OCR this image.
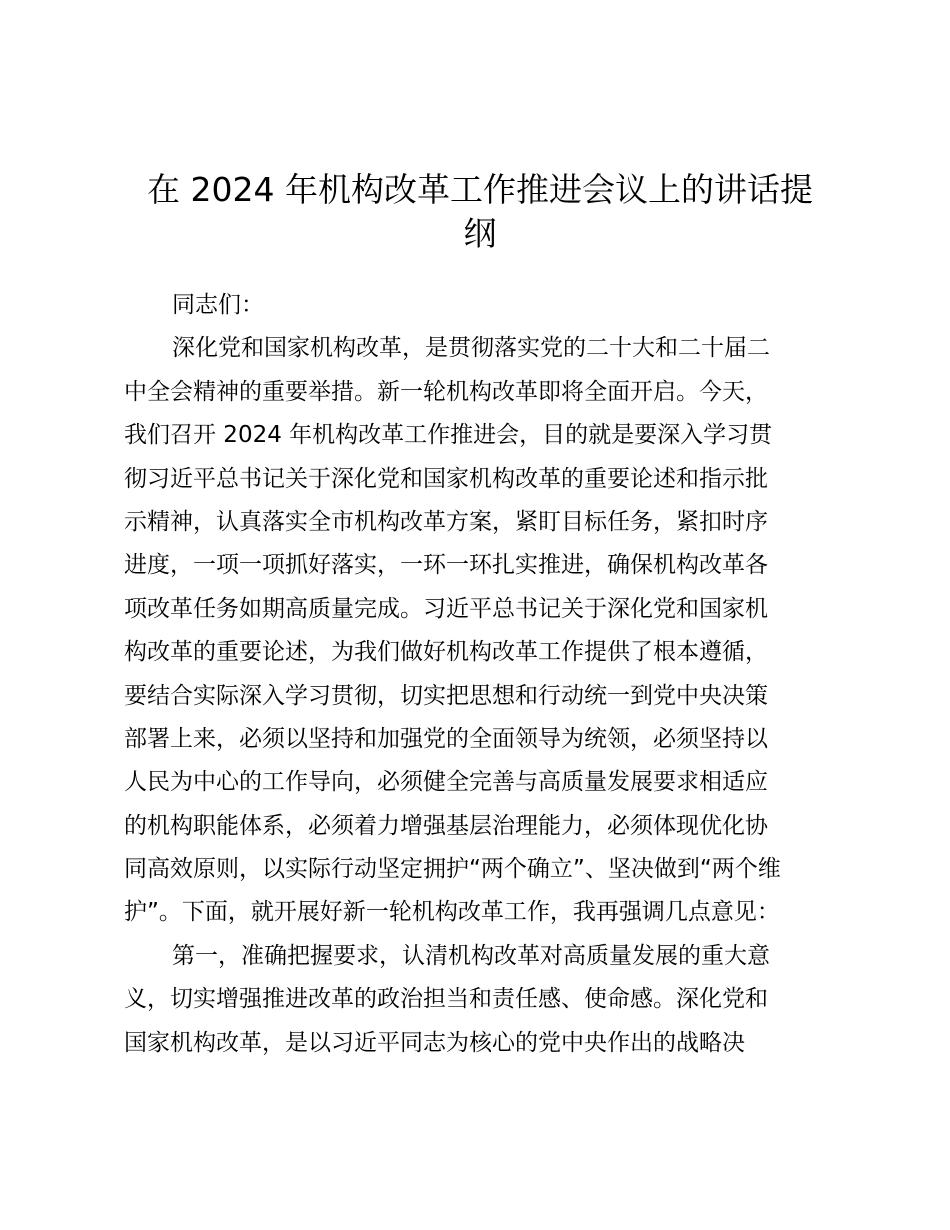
在 2024 年机构改革工作推进会议上的讲话提
纲
同志们：
深化党和国家机构改革，是贯彻落实党的二十大和二十届二
中全会精神的重要举措。新一轮机构改革即将全面开启。今天，
我们召开 2024 年机构改革工作推进会，目的就是要深入学习贯
彻习近平总书记关于深化党和国家机构改革的重要论述和指示批
示精神，认真落实全市机构改革方案，紧盯目标任务，紧扣时序
进度，一项一项抓好落实，一环一环扎实推进，确保机构改革各
项改革任务如期高质量完成。习近平总书记关于深化党和国家机
构改革的重要论述，为我们做好机构改革工作提供了根本遵循，
要结合实际深入学习贯彻，切实把思想和行动统一到党中央决策
部署上来，必须以坚持和加强党的全面领导为统领，必须坚持以
人民为中心的工作导向，必须健全完善与高质量发展要求相适应
的机构职能体系，必须着力增强基层治理能力，必须体现优化协
同高效原则，以实际行动坚定拥护“两个确立”、坚决做到“两个维
护”。下面，就开展好新一轮机构改革工作，我再强调几点意见：
第一，准确把握要求，认清机构改革对高质量发展的重大意
义，切实增强推进改革的政治担当和责任感、使命感。深化党和
国家机构改革，是以习近平同志为核心的党中央作出的战略决
